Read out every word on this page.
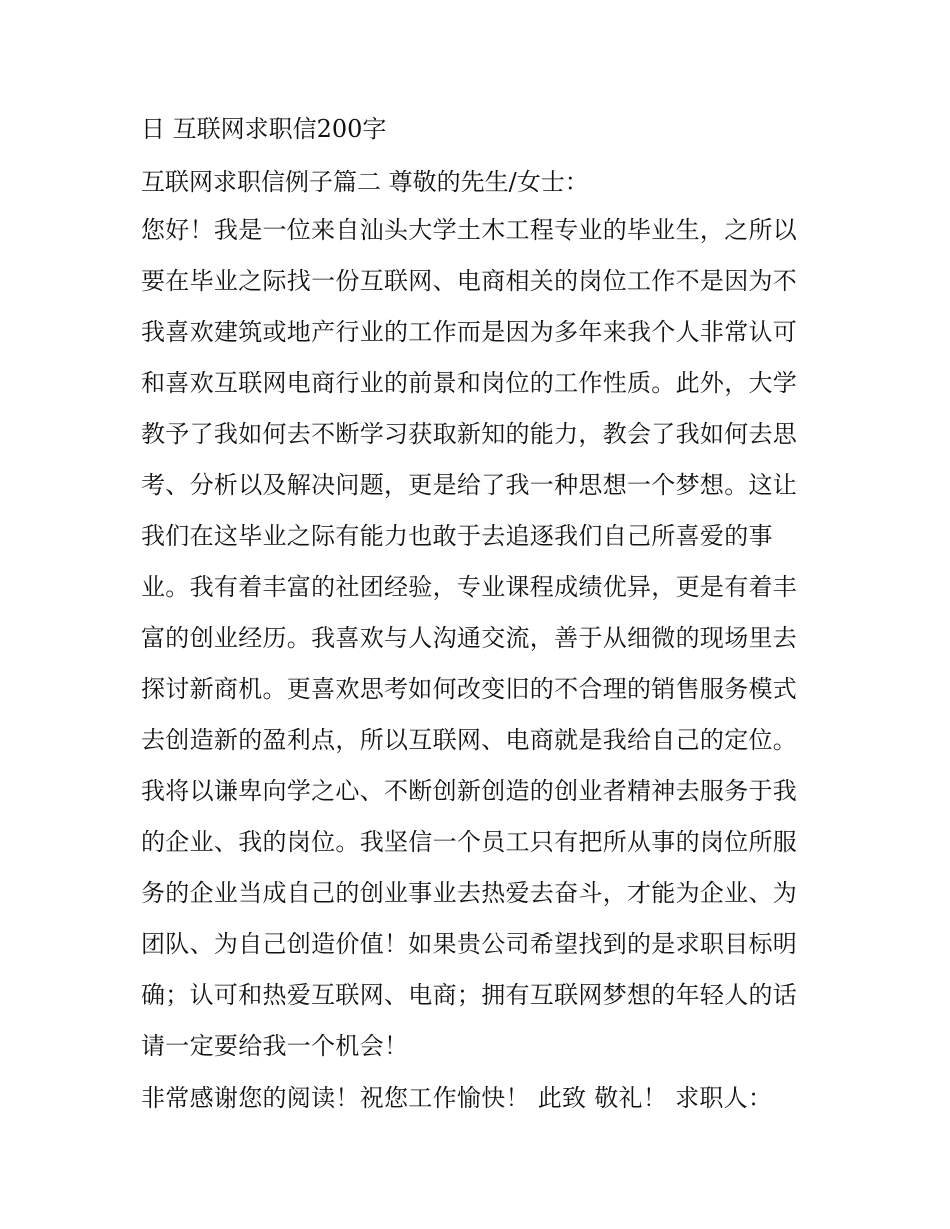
日 互联网求职信200字
互联网求职信例子篇二 尊敬的先生/女士：
您好！我是一位来自汕头大学土木工程专业的毕业生，之所以
要在毕业之际找一份互联网、电商相关的岗位工作不是因为不
我喜欢建筑或地产行业的工作而是因为多年来我个人非常认可
和喜欢互联网电商行业的前景和岗位的工作性质。此外，大学
教予了我如何去不断学习获取新知的能力，教会了我如何去思
考、分析以及解决问题，更是给了我一种思想一个梦想。这让
我们在这毕业之际有能力也敢于去追逐我们自己所喜爱的事
业。我有着丰富的社团经验，专业课程成绩优异，更是有着丰
富的创业经历。我喜欢与人沟通交流，善于从细微的现场里去
探讨新商机。更喜欢思考如何改变旧的不合理的销售服务模式
去创造新的盈利点，所以互联网、电商就是我给自己的定位。
我将以谦卑向学之心、不断创新创造的创业者精神去服务于我
的企业、我的岗位。我坚信一个员工只有把所从事的岗位所服
务的企业当成自己的创业事业去热爱去奋斗，才能为企业、为
团队、为自己创造价值！如果贵公司希望找到的是求职目标明
确；认可和热爱互联网、电商；拥有互联网梦想的年轻人的话
请一定要给我一个机会！
非常感谢您的阅读！祝您工作愉快！ 此致 敬礼！ 求职人：
